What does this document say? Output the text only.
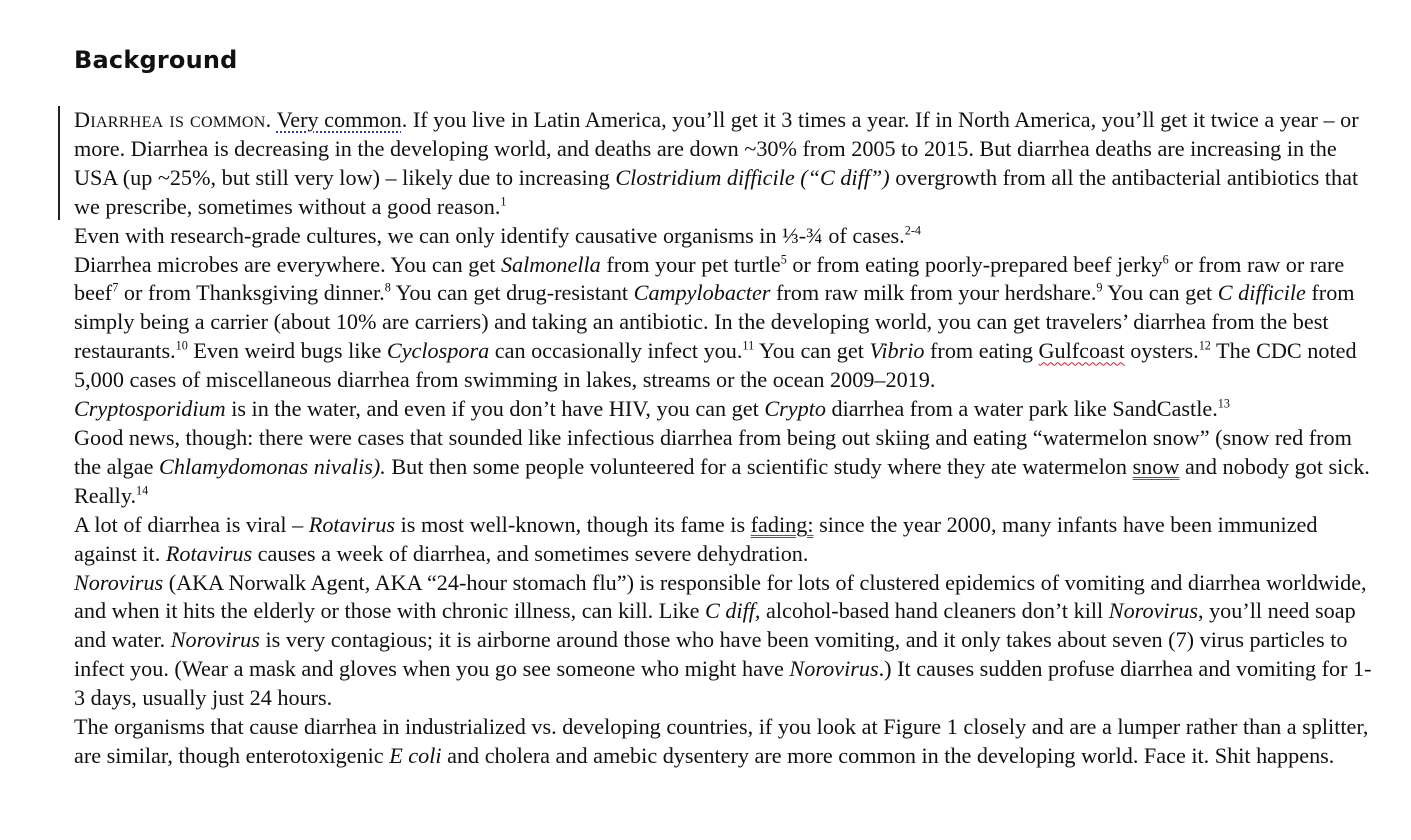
Background

Diarrhea is common. Very common. If you live in Latin America, you’ll get it 3 times a year. If in North America, you’ll get it twice a year – or more. Diarrhea is decreasing in the developing world, and deaths are down ~30% from 2005 to 2015. But diarrhea deaths are increasing in the USA (up ~25%, but still very low) – likely due to increasing Clostridium difficile (“C diff”) overgrowth from all the antibacterial antibiotics that we prescribe, sometimes without a good reason.$^1$

Even with research-grade cultures, we can only identify causative organisms in ⅓-¾ of cases.$^{2-4}$

Diarrhea microbes are everywhere. You can get Salmonella from your pet turtle$^5$ or from eating poorly-prepared beef jerky$^6$ or from raw or rare beef$^7$ or from Thanksgiving dinner.$^8$ You can get drug-resistant Campylobacter from raw milk from your herdshare.$^9$ You can get C difficile from simply being a carrier (about 10% are carriers) and taking an antibiotic. In the developing world, you can get travelers’ diarrhea from the best restaurants.$^{10}$ Even weird bugs like Cyclospora can occasionally infect you.$^{11}$ You can get Vibrio from eating Gulfcoast oysters.$^{12}$ The CDC noted 5,000 cases of miscellaneous diarrhea from swimming in lakes, streams or the ocean 2009–2019.

Cryptosporidium is in the water, and even if you don’t have HIV, you can get Crypto diarrhea from a water park like SandCastle.$^{13}$

Good news, though: there were cases that sounded like infectious diarrhea from being out skiing and eating “watermelon snow” (snow red from the algae Chlamydomonas nivalis). But then some people volunteered for a scientific study where they ate watermelon snow and nobody got sick. Really.$^{14}$

A lot of diarrhea is viral – Rotavirus is most well-known, though its fame is fading: since the year 2000, many infants have been immunized against it. Rotavirus causes a week of diarrhea, and sometimes severe dehydration.

Norovirus (AKA Norwalk Agent, AKA “24-hour stomach flu”) is responsible for lots of clustered epidemics of vomiting and diarrhea worldwide, and when it hits the elderly or those with chronic illness, can kill. Like C diff, alcohol-based hand cleaners don’t kill Norovirus, you’ll need soap and water. Norovirus is very contagious; it is airborne around those who have been vomiting, and it only takes about seven (7) virus particles to infect you. (Wear a mask and gloves when you go see someone who might have Norovirus.) It causes sudden profuse diarrhea and vomiting for 1-3 days, usually just 24 hours.

The organisms that cause diarrhea in industrialized vs. developing countries, if you look at Figure 1 closely and are a lumper rather than a splitter, are similar, though enterotoxigenic E coli and cholera and amebic dysentery are more common in the developing world. Face it. Shit happens.
